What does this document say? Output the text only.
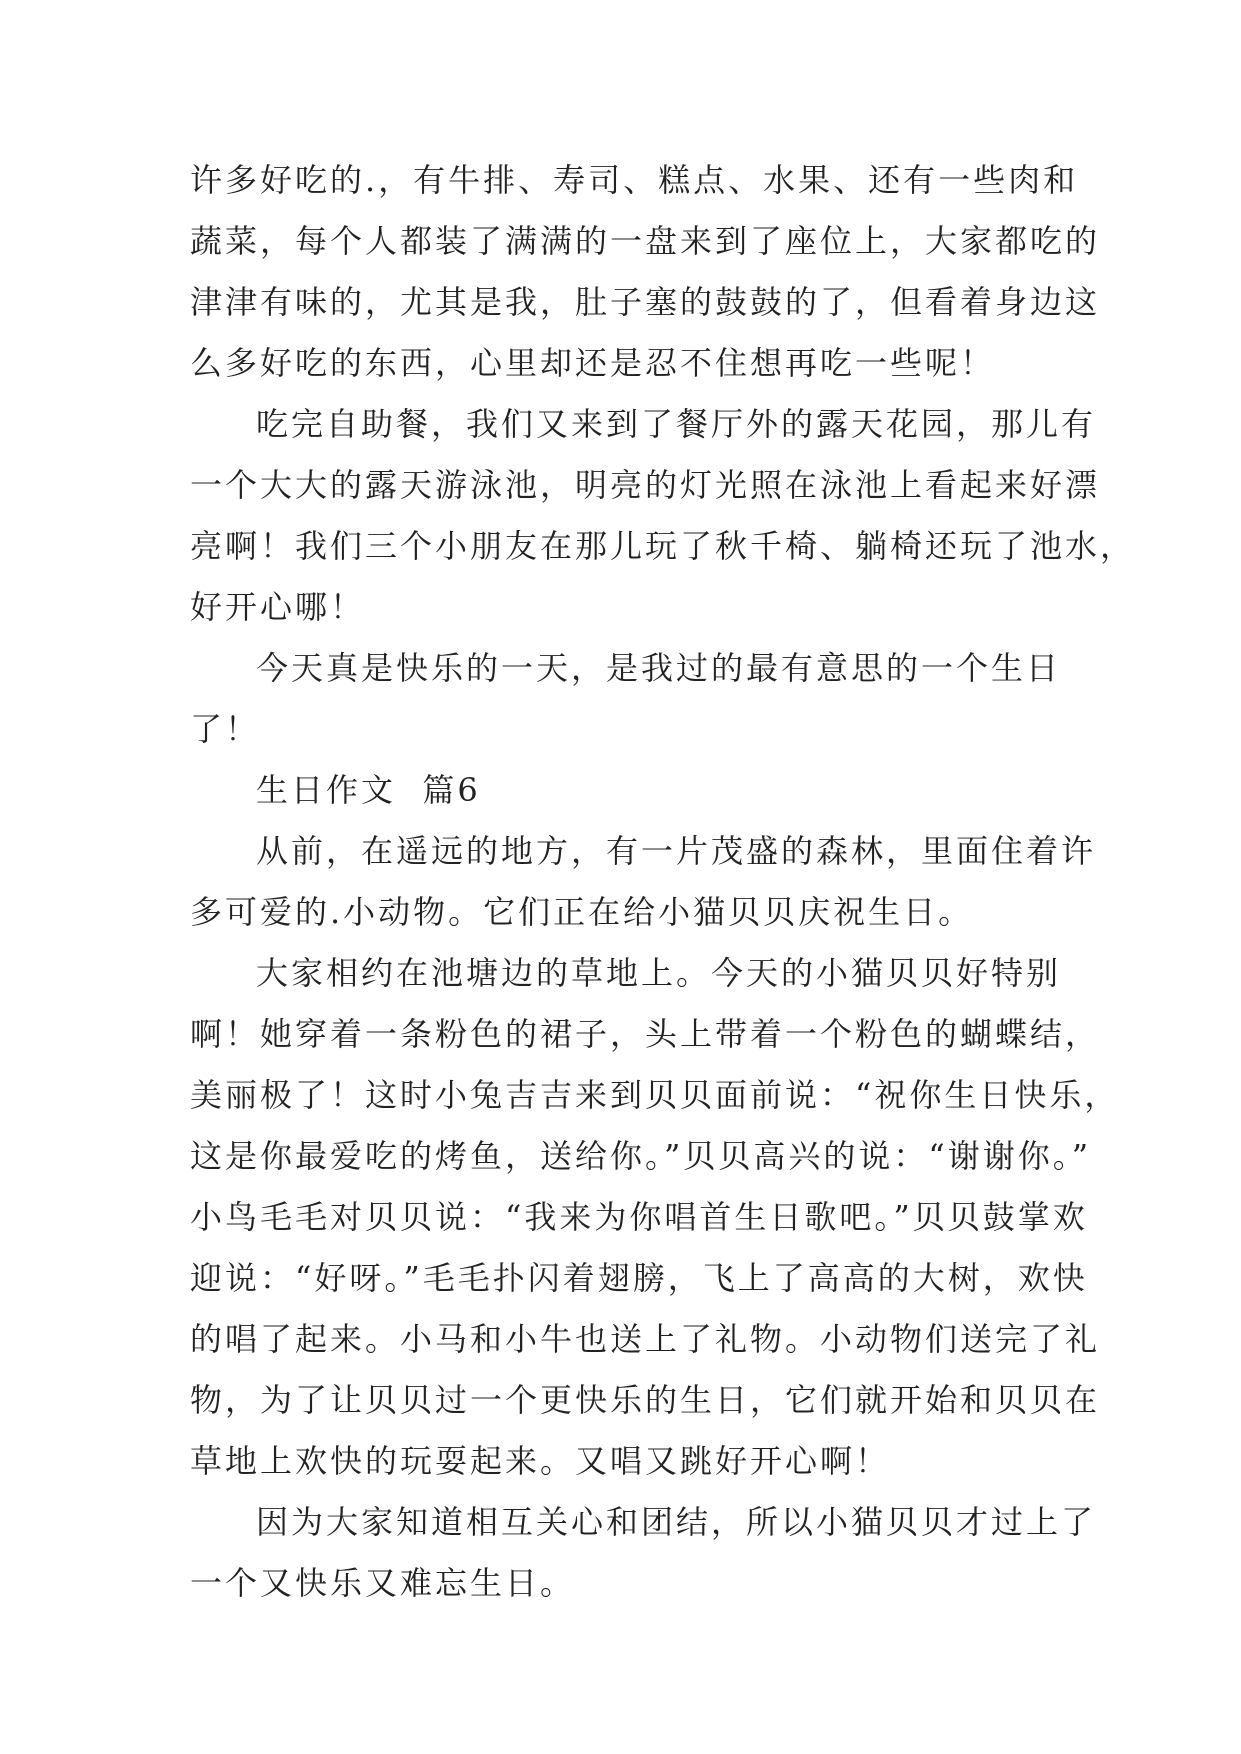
许多好吃的.，有牛排、寿司、糕点、水果、还有一些肉和
蔬菜，每个人都装了满满的一盘来到了座位上，大家都吃的
津津有味的，尤其是我，肚子塞的鼓鼓的了，但看着身边这
么多好吃的东西，心里却还是忍不住想再吃一些呢！
吃完自助餐，我们又来到了餐厅外的露天花园，那儿有
一个大大的露天游泳池，明亮的灯光照在泳池上看起来好漂
亮啊！我们三个小朋友在那儿玩了秋千椅、躺椅还玩了池水，
好开心哪！
今天真是快乐的一天，是我过的最有意思的一个生日
了！
生日作文  篇6
从前，在遥远的地方，有一片茂盛的森林，里面住着许
多可爱的.小动物。它们正在给小猫贝贝庆祝生日。
大家相约在池塘边的草地上。今天的小猫贝贝好特别
啊！她穿着一条粉色的裙子，头上带着一个粉色的蝴蝶结，
美丽极了！这时小兔吉吉来到贝贝面前说：“祝你生日快乐，
这是你最爱吃的烤鱼，送给你。”贝贝高兴的说：“谢谢你。”
小鸟毛毛对贝贝说：“我来为你唱首生日歌吧。”贝贝鼓掌欢
迎说：“好呀。”毛毛扑闪着翅膀，飞上了高高的大树，欢快
的唱了起来。小马和小牛也送上了礼物。小动物们送完了礼
物，为了让贝贝过一个更快乐的生日，它们就开始和贝贝在
草地上欢快的玩耍起来。又唱又跳好开心啊！
因为大家知道相互关心和团结，所以小猫贝贝才过上了
一个又快乐又难忘生日。
